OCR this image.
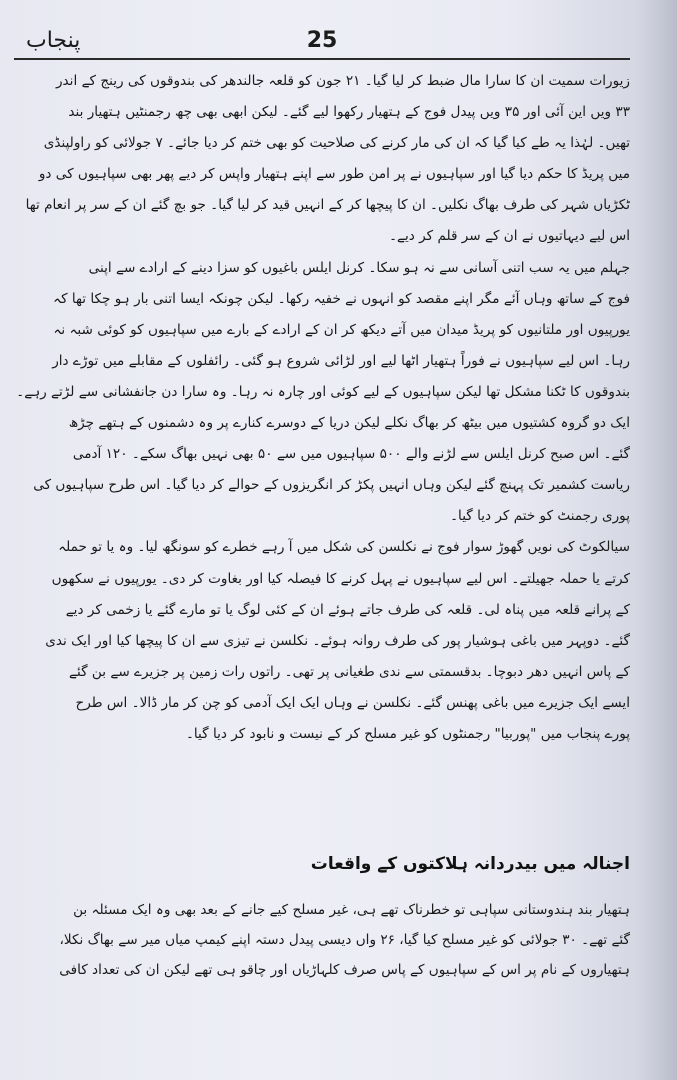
پنجاب	25
زیورات سمیت ان کا سارا مال ضبط کر لیا گیا۔ ۲۱ جون کو قلعہ جالندھر کی بندوقوں کی رینج کے اندر
۳۳ ویں این آئی اور ۳۵ ویں پیدل فوج کے ہتھیار رکھوا لیے گئے۔ لیکن ابھی بھی چھ رجمنٹیں ہتھیار بند
تھیں۔ لہٰذا یہ طے کیا گیا کہ ان کی مار کرنے کی صلاحیت کو بھی ختم کر دیا جائے۔ ۷ جولائی کو راولپنڈی
میں پریڈ کا حکم دیا گیا اور سپاہیوں نے پر امن طور سے اپنے ہتھیار واپس کر دیے پھر بھی سپاہیوں کی دو
ٹکڑیاں شہر کی طرف بھاگ نکلیں۔ ان کا پیچھا کر کے انہیں قید کر لیا گیا۔ جو بچ گئے ان کے سر پر انعام تھا
اس لیے دیہاتیوں نے ان کے سر قلم کر دیے۔
جہلم میں یہ سب اتنی آسانی سے نہ ہو سکا۔ کرنل ایلس باغیوں کو سزا دینے کے ارادے سے اپنی
فوج کے ساتھ وہاں آئے مگر اپنے مقصد کو انہوں نے خفیہ رکھا۔ لیکن چونکہ ایسا اتنی بار ہو چکا تھا کہ
یورپیوں اور ملتانیوں کو پریڈ میدان میں آتے دیکھ کر ان کے ارادے کے بارے میں سپاہیوں کو کوئی شبہ نہ
رہا۔ اس لیے سپاہیوں نے فوراً ہتھیار اٹھا لیے اور لڑائی شروع ہو گئی۔ رائفلوں کے مقابلے میں توڑے دار
بندوقوں کا ٹکنا مشکل تھا لیکن سپاہیوں کے لیے کوئی اور چارہ نہ رہا۔ وہ سارا دن جانفشانی سے لڑتے رہے۔
ایک دو گروہ کشتیوں میں بیٹھ کر بھاگ نکلے لیکن دریا کے دوسرے کنارے پر وہ دشمنوں کے ہتھے چڑھ
گئے۔ اس صبح کرنل ایلس سے لڑنے والے ۵۰۰ سپاہیوں میں سے ۵۰ بھی نہیں بھاگ سکے۔ ۱۲۰ آدمی
ریاست کشمیر تک پہنچ گئے لیکن وہاں انہیں پکڑ کر انگریزوں کے حوالے کر دیا گیا۔ اس طرح سپاہیوں کی
پوری رجمنٹ کو ختم کر دیا گیا۔
سیالکوٹ کی نویں گھوڑ سوار فوج نے نکلسن کی شکل میں آ رہے خطرے کو سونگھ لیا۔ وہ یا تو حملہ
کرتے یا حملہ جھیلتے۔ اس لیے سپاہیوں نے پہل کرنے کا فیصلہ کیا اور بغاوت کر دی۔ یورپیوں نے سکھوں
کے پرانے قلعہ میں پناہ لی۔ قلعہ کی طرف جاتے ہوئے ان کے کئی لوگ یا تو مارے گئے یا زخمی کر دیے
گئے۔ دوپہر میں باغی ہوشیار پور کی طرف روانہ ہوئے۔ نکلسن نے تیزی سے ان کا پیچھا کیا اور ایک ندی
کے پاس انہیں دھر دبوچا۔ بدقسمتی سے ندی طغیانی پر تھی۔ راتوں رات زمین پر جزیرے سے بن گئے
ایسے ایک جزیرے میں باغی پھنس گئے۔ نکلسن نے وہاں ایک ایک آدمی کو چن کر مار ڈالا۔ اس طرح
پورے پنجاب میں "پوربیا" رجمنٹوں کو غیر مسلح کر کے نیست و نابود کر دیا گیا۔
اجنالہ میں بیدردانہ ہلاکتوں کے واقعات
ہتھیار بند ہندوستانی سپاہی تو خطرناک تھے ہی، غیر مسلح کیے جانے کے بعد بھی وہ ایک مسئلہ بن
گئے تھے۔ ۳۰ جولائی کو غیر مسلح کیا گیا، ۲۶ واں دیسی پیدل دستہ اپنے کیمپ میاں میر سے بھاگ نکلا،
ہتھیاروں کے نام پر اس کے سپاہیوں کے پاس صرف کلہاڑیاں اور چاقو ہی تھے لیکن ان کی تعداد کافی
